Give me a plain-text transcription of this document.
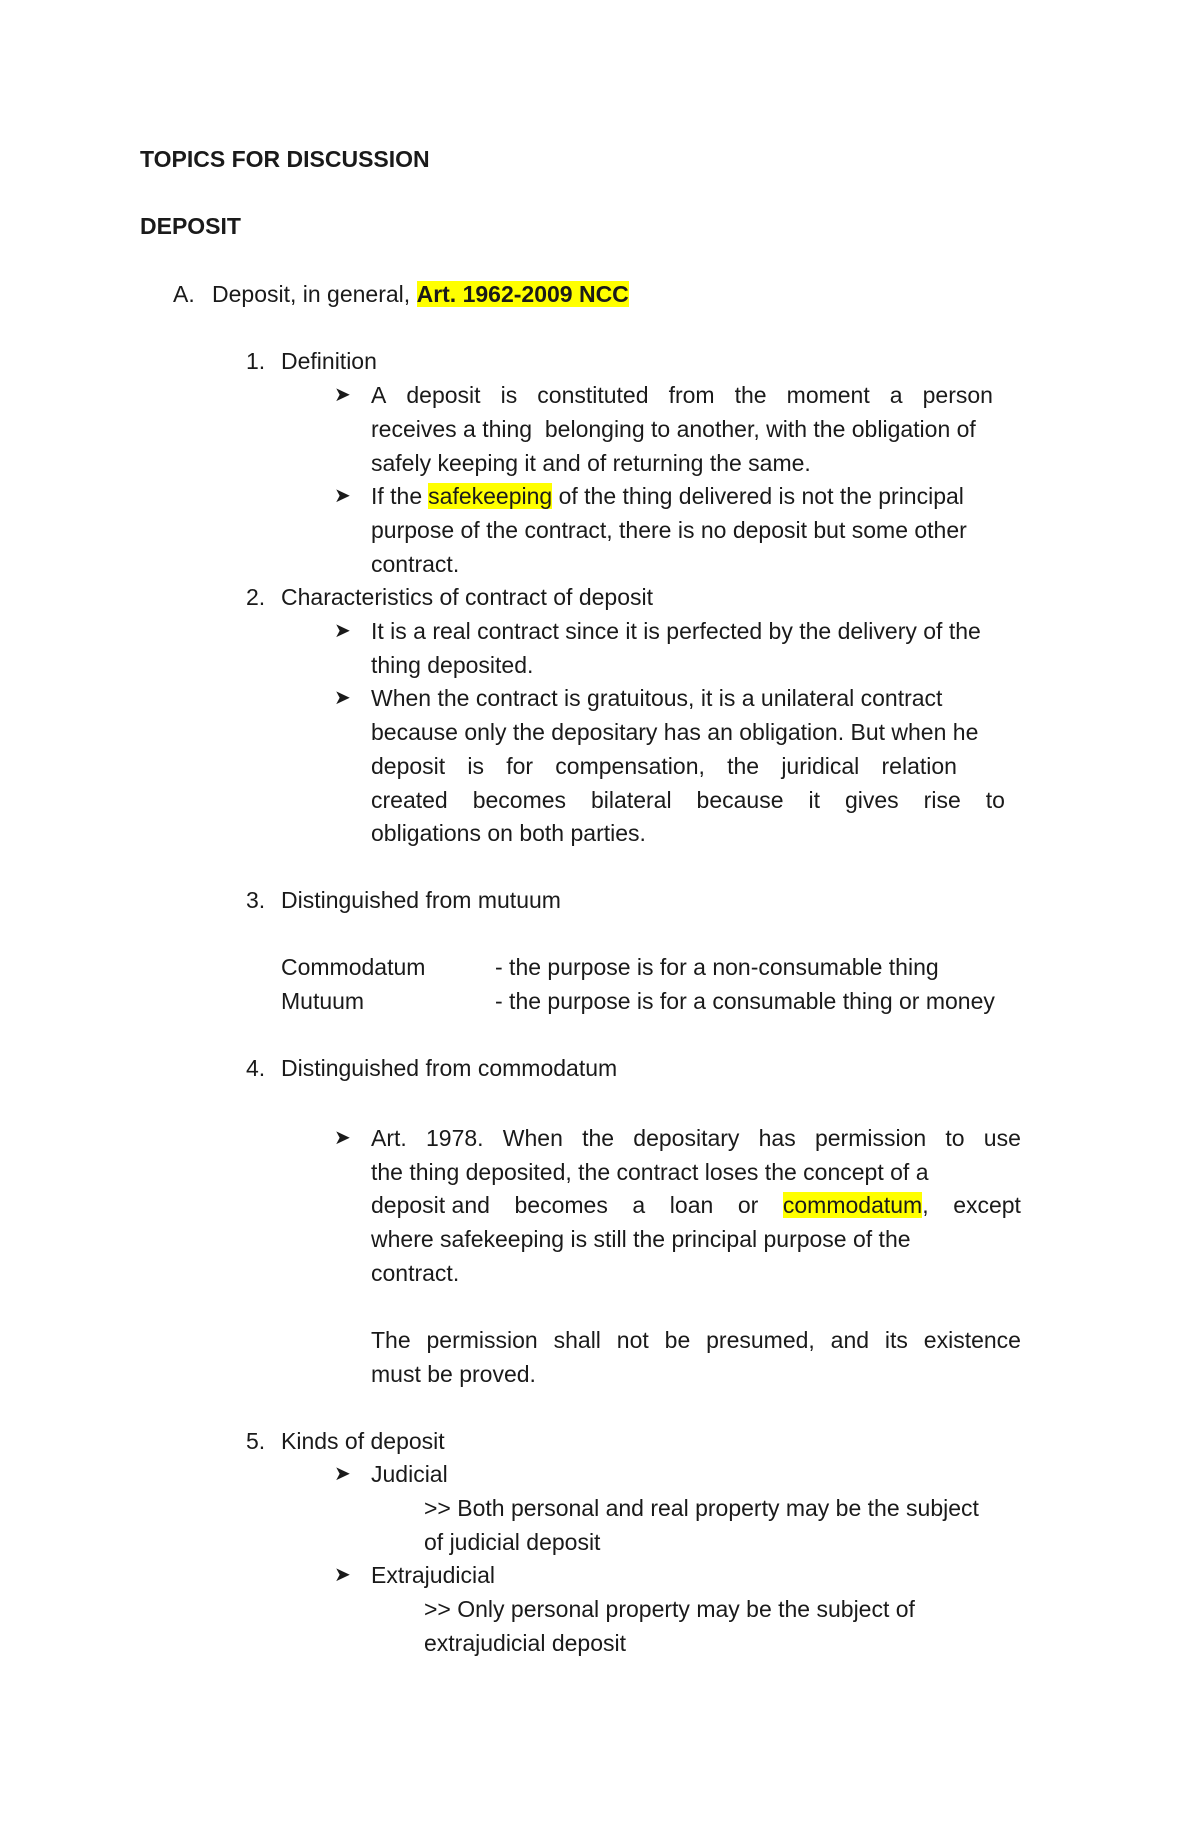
TOPICS FOR DISCUSSION
DEPOSIT
A. Deposit, in general, Art. 1962-2009 NCC
1. Definition
➤ A deposit is constituted from the moment a person
receives a thing  belonging to another, with the obligation of
safely keeping it and of returning the same.
➤ If the safekeeping of the thing delivered is not the principal
purpose of the contract, there is no deposit but some other
contract.
2. Characteristics of contract of deposit
➤ It is a real contract since it is perfected by the delivery of the
thing deposited.
➤ When the contract is gratuitous, it is a unilateral contract
because only the depositary has an obligation. But when he
deposit is for compensation, the juridical relation
created becomes bilateral because it gives rise to
obligations on both parties.
3. Distinguished from mutuum
Commodatum	- the purpose is for a non-consumable thing
Mutuum	- the purpose is for a consumable thing or money
4. Distinguished from commodatum
➤ Art. 1978. When the depositary has permission to use
the thing deposited, the contract loses the concept of a
deposit and becomes a loan or commodatum, except
where safekeeping is still the principal purpose of the
contract.
The permission shall not be presumed, and its existence
must be proved.
5. Kinds of deposit
➤ Judicial
>> Both personal and real property may be the subject
of judicial deposit
➤ Extrajudicial
>> Only personal property may be the subject of
extrajudicial deposit
